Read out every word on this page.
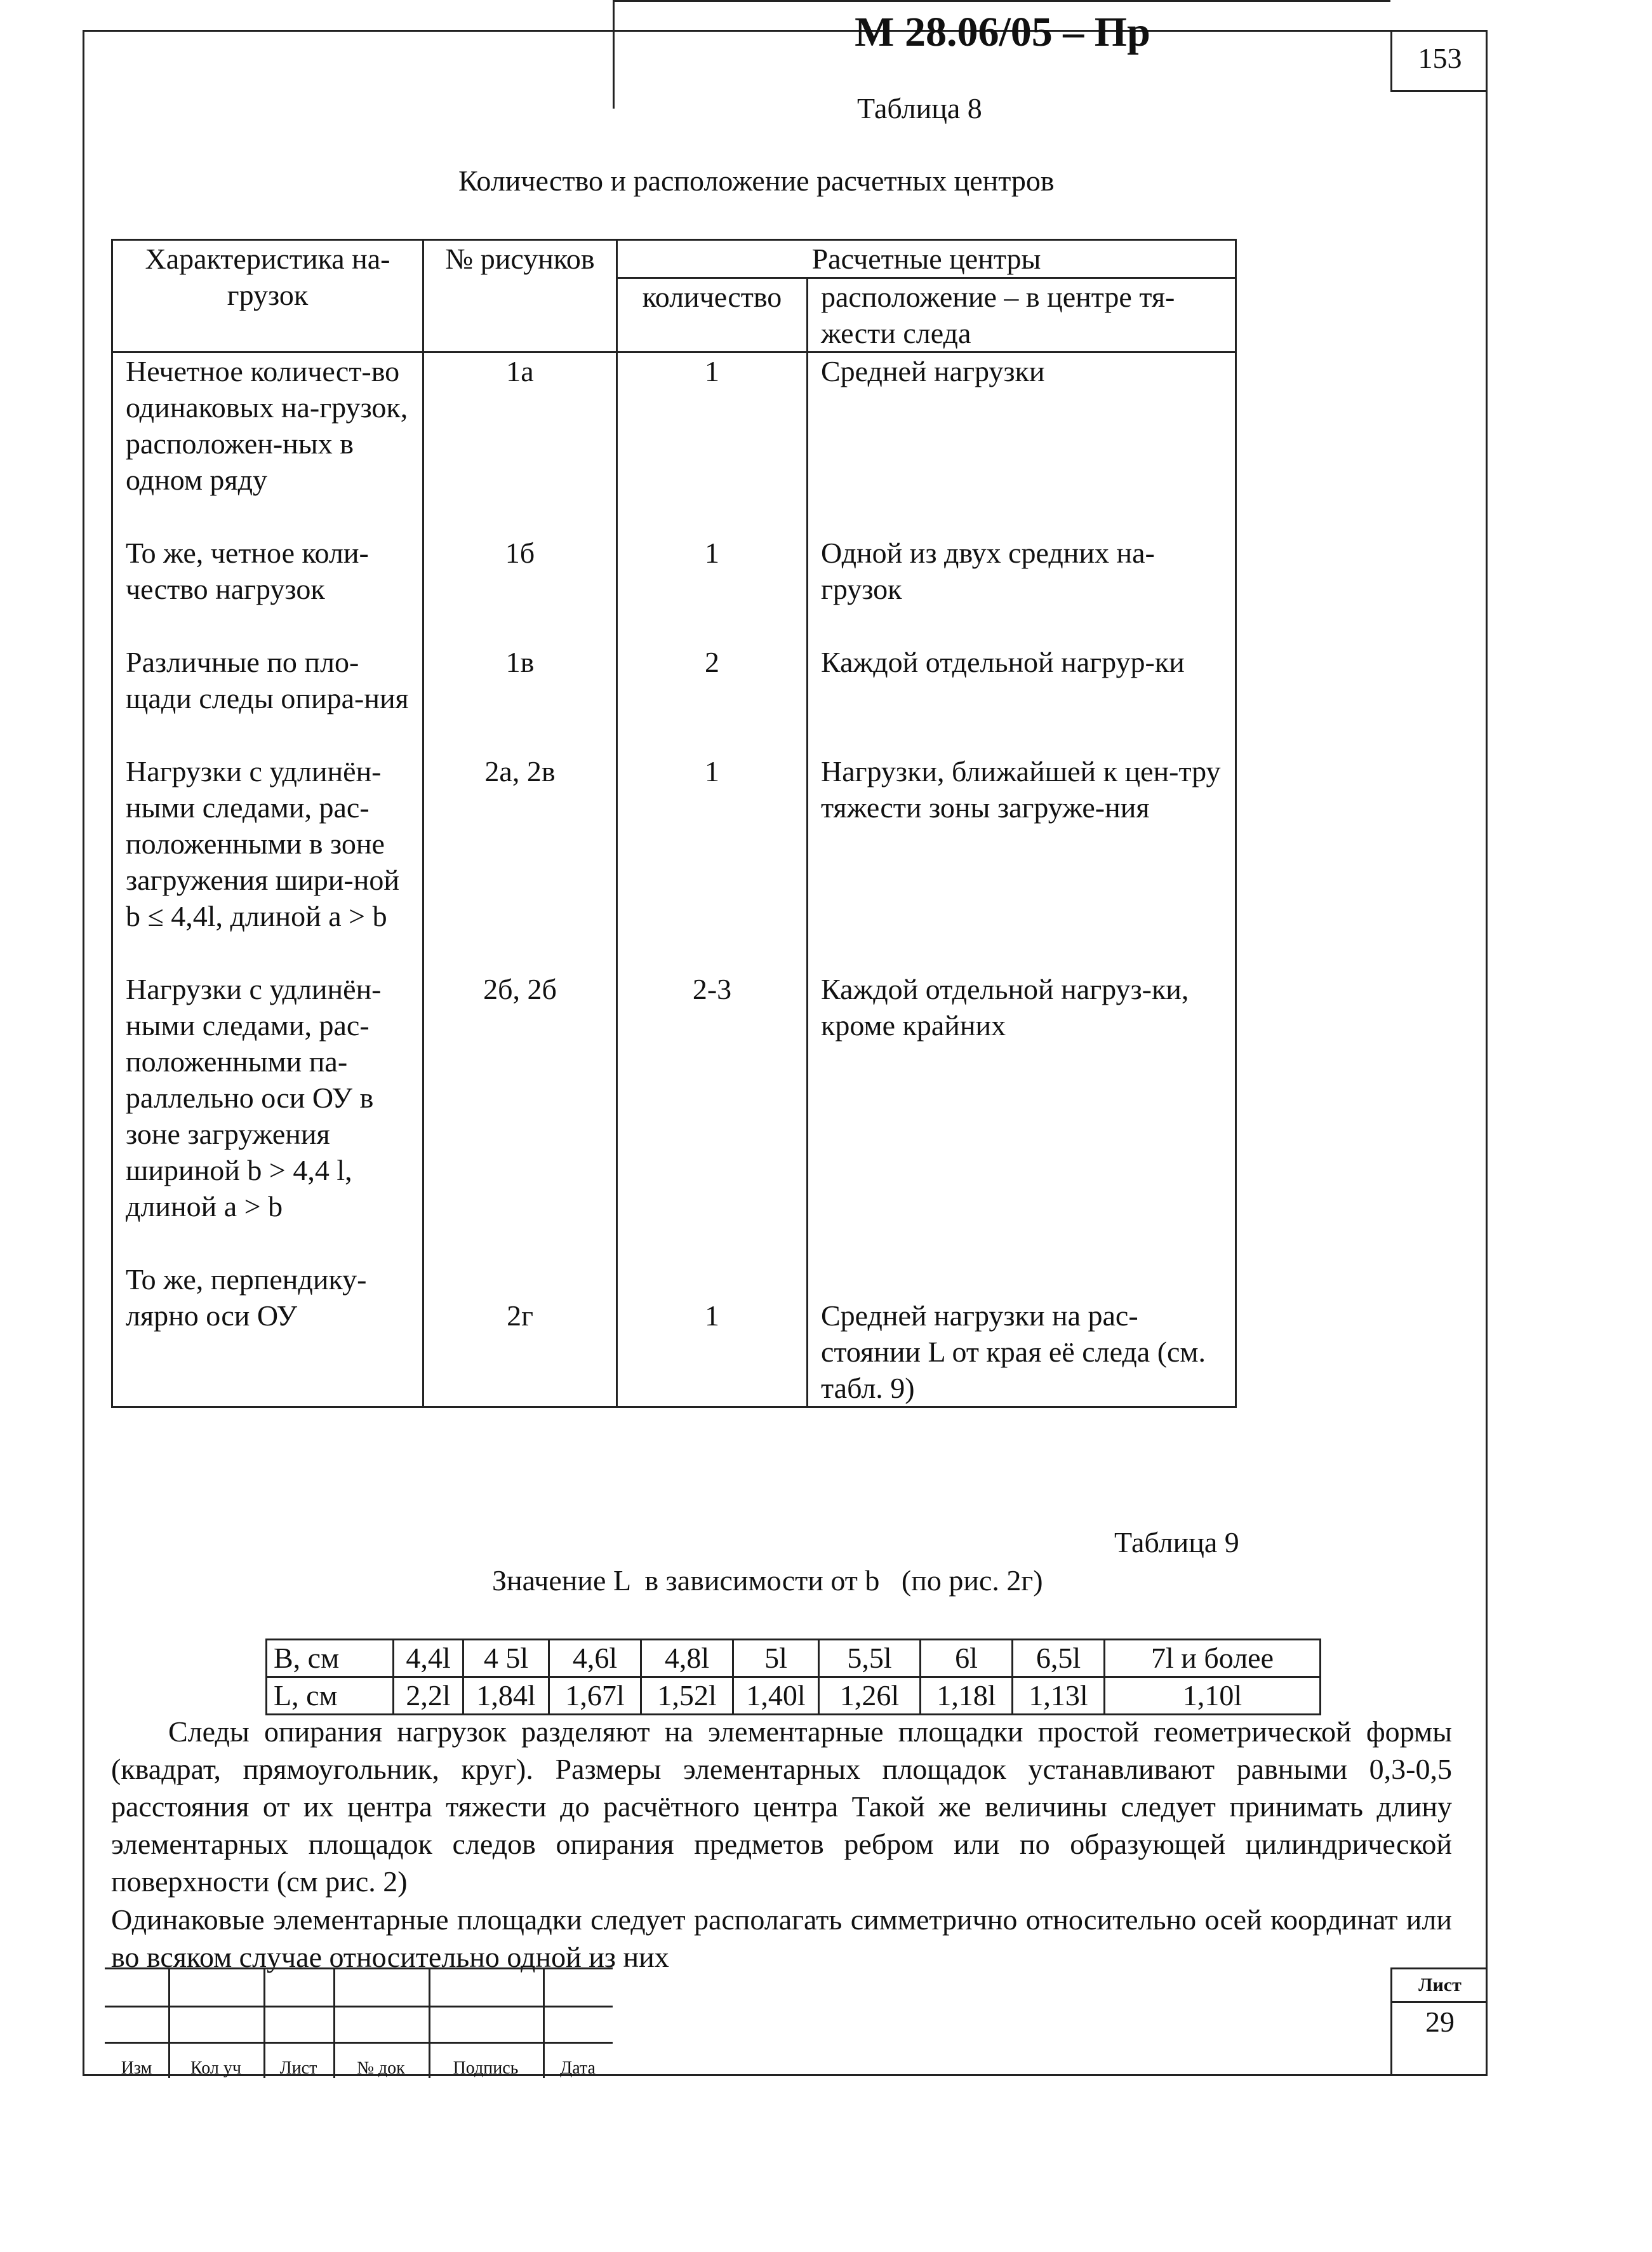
153
Таблица 8
Количество и расположение расчетных центров
Характеристика на-грузок	№ рисунков	Расчетные центры	
		количество	расположение – в центре тя-жести следа
Нечетное количест-во одинаковых на-грузок, расположен-ных в одном ряду	1а	1	Средней нагрузки
То же, четное коли-чество нагрузок	1б	1	Одной из двух средних на-грузок
Различные по пло-щади следы опира-ния	1в	2	Каждой отдельной нагрур-ки
Нагрузки с удлинён-ными следами, рас-положенными в зоне загружения шири-ной b ≤ 4,4l, длиной a > b	2а, 2в	1	Нагрузки, ближайшей к цен-тру тяжести зоны загруже-ния
Нагрузки с удлинён-ными следами, рас-положенными па-раллельно оси ОУ в зоне загружения шириной b > 4,4 l, длиной a > b	2б, 2б	2-3	Каждой отдельной нагруз-ки, кроме крайних
То же, перпендику-лярно оси ОУ	2г	1	Средней нагрузки на рас-стоянии L от края её следа (см. табл. 9)
Таблица 9
Значение L  в зависимости от b   (по рис. 2г)
В, см	4,4l	4 5l	4,6l	4,8l	5l	5,5l	6l	6,5l	7l и более
L, см	2,2l	1,84l	1,67l	1,52l	1,40l	1,26l	1,18l	1,13l	1,10l
Следы опирания нагрузок разделяют на элементарные площадки простой геометрической формы (квадрат, прямоугольник, круг). Размеры элементарных площадок устанавливают равными 0,3-0,5 расстояния от их центра тяжести до расчётного центра Такой же величины следует принимать длину элементарных площадок следов опирания предметов ребром или по образующей цилиндрической поверхности (см рис. 2)
Одинаковые элементарные площадки следует располагать симметрично относительно осей координат или во всяком случае относительно одной из них
Изм	Кол уч	Лист	№ док	Подпись	Дата
М 28.06/05 – Пр
Лист
29
